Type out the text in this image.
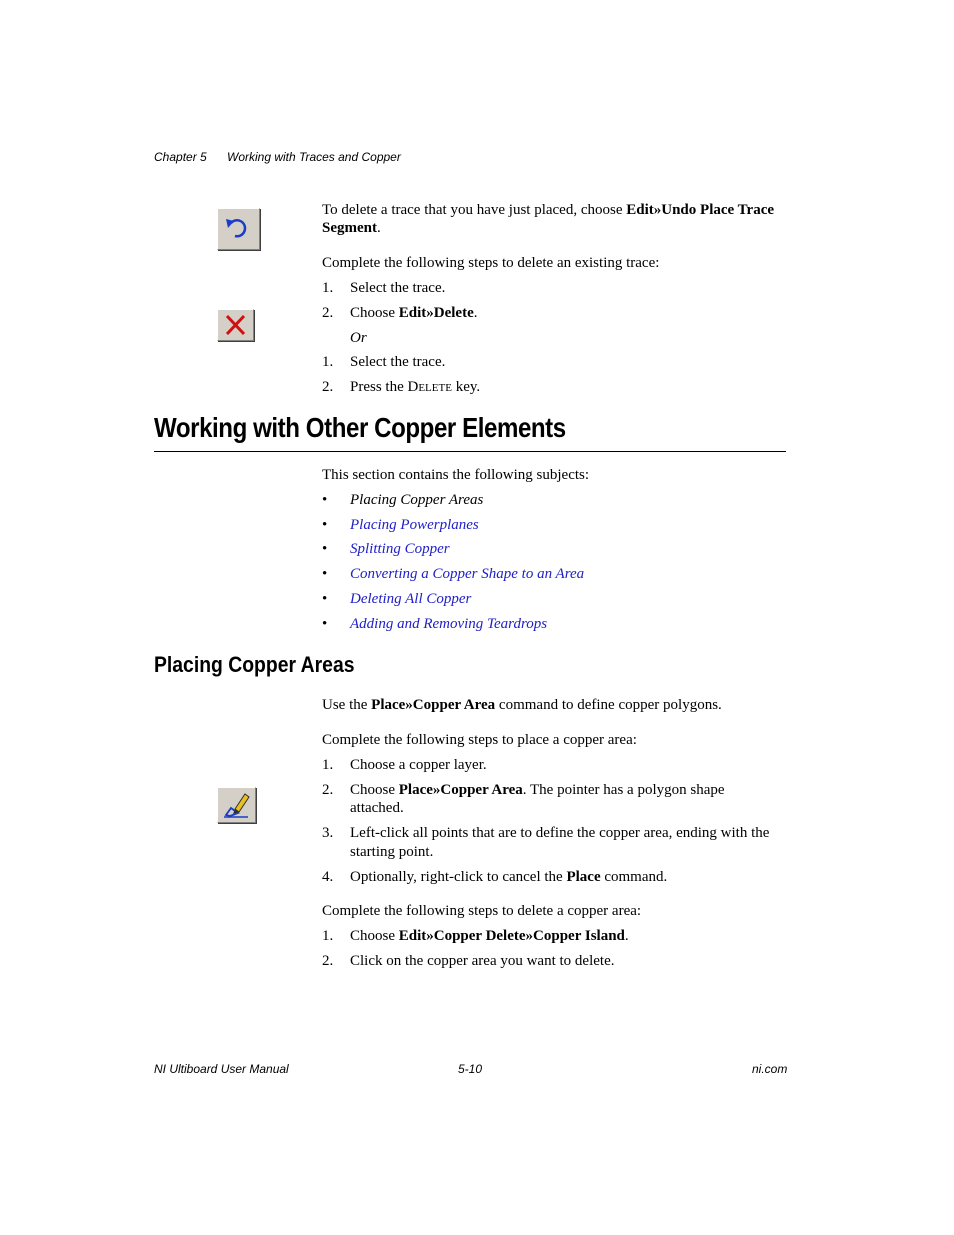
Chapter 5 Working with Traces and Copper
To delete a trace that you have just placed, choose Edit»Undo Place Trace
Segment.
Complete the following steps to delete an existing trace:
1. Select the trace.
2. Choose Edit»Delete.
Or
1. Select the trace.
2. Press the Delete key.
Working with Other Copper Elements
This section contains the following subjects:
• Placing Copper Areas
• Placing Powerplanes
• Splitting Copper
• Converting a Copper Shape to an Area
• Deleting All Copper
• Adding and Removing Teardrops
Placing Copper Areas
Use the Place»Copper Area command to define copper polygons.
Complete the following steps to place a copper area:
1. Choose a copper layer.
2. Choose Place»Copper Area. The pointer has a polygon shape
attached.
3. Left-click all points that are to define the copper area, ending with the
starting point.
4. Optionally, right-click to cancel the Place command.
Complete the following steps to delete a copper area:
1. Choose Edit»Copper Delete»Copper Island.
2. Click on the copper area you want to delete.
NI Ultiboard User Manual	5-10	ni.com
